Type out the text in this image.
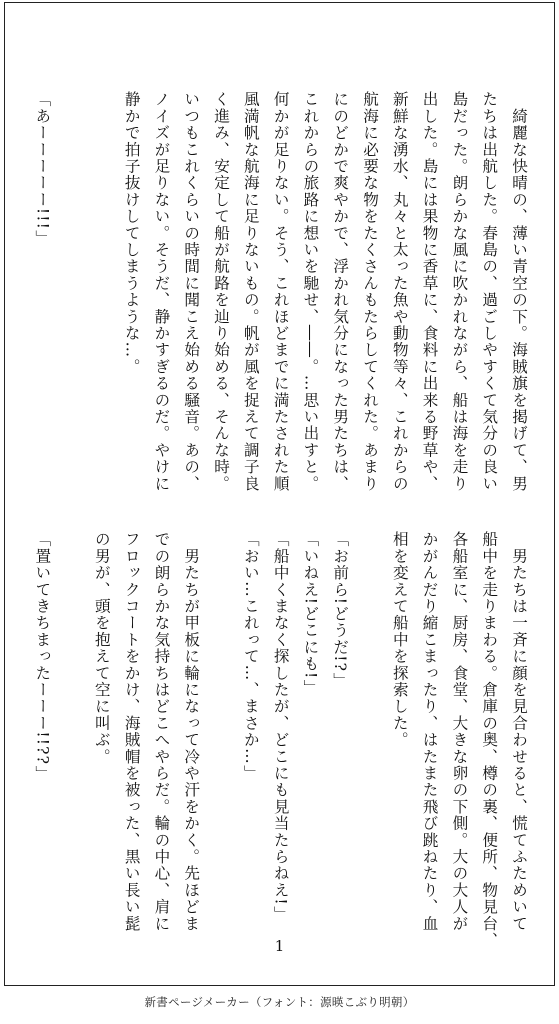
　綺麗な快晴の、薄い青空の下。海賊旗を掲げて、男
たちは出航した。春島の、過ごしやすくて気分の良い
島だった。朗らかな風に吹かれながら、船は海を走り
出した。島には果物に香草に、食料に出来る野草や、
新鮮な湧水、丸々と太った魚や動物等々、これからの
航海に必要な物をたくさんもたらしてくれた。あまり
にのどかで爽やかで、浮かれ気分になった男たちは、
これからの旅路に想いを馳せ、――。…思い出すと。
何かが足りない。そう、これほどまでに満たされた順
風満帆な航海に足りないもの。帆が風を捉えて調子良
く進み、安定して船が航路を辿り始める、そんな時。
いつもこれくらいの時間に聞こえ始める騒音。あの、
ノイズが足りない。そうだ、静かすぎるのだ。やけに
静かで拍子抜けしてしまうような…。

「あーーーーー!!!」
　男たちは一斉に顔を見合わせると、慌てふためいて
船中を走りまわる。倉庫の奥、樽の裏、便所、物見台、
各船室に、厨房、食堂、大きな卵の下側。大の大人が
かがんだり縮こまったり、はたまた飛び跳ねたり、血
相を変えて船中を探索した。

「お前ら!どうだ!?」
「いねえ!どこにも!」
「船中くまなく探したが、どこにも見当たらねえ!」
「おい…これって…、まさか…」

　男たちが甲板に輪になって冷や汗をかく。先ほどま
での朗らかな気持ちはどこへやらだ。輪の中心、肩に
フロックコートをかけ、海賊帽を被った、黒い長い髭
の男が、頭を抱えて空に叫ぶ。

「置いてきちまったーーー!!??」
1
新書ページメーカー（フォント：源暎こぶり明朝）
